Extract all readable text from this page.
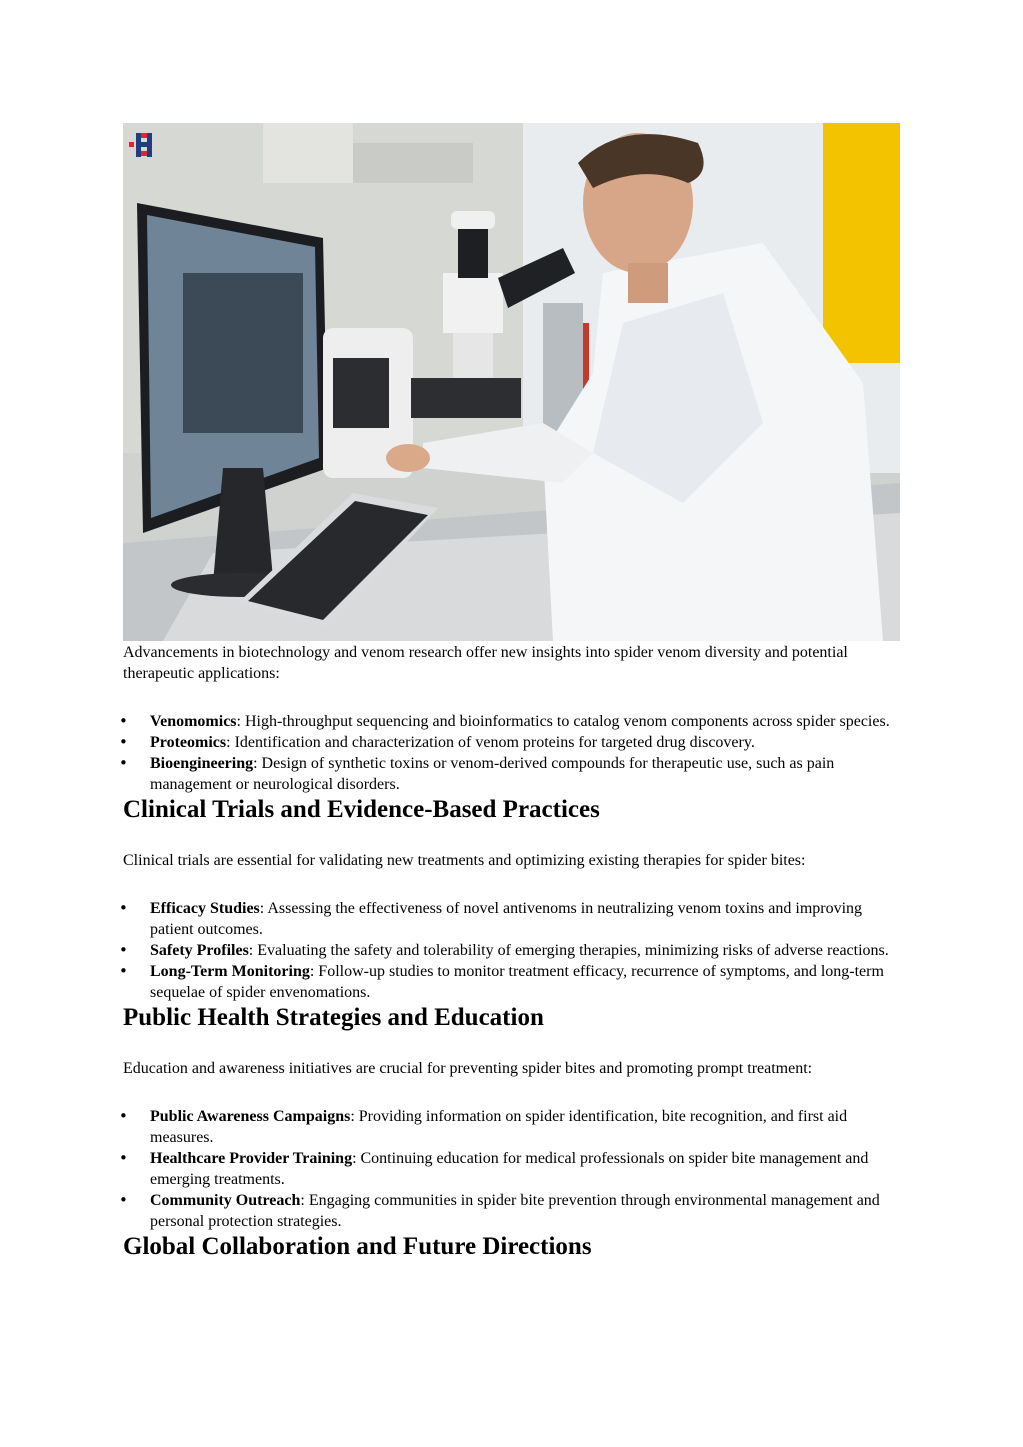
Advancements in biotechnology and venom research offer new insights into spider venom diversity and potential therapeutic applications:

• Venomomics: High-throughput sequencing and bioinformatics to catalog venom components across spider species.
• Proteomics: Identification and characterization of venom proteins for targeted drug discovery.
• Bioengineering: Design of synthetic toxins or venom-derived compounds for therapeutic use, such as pain management or neurological disorders.
Clinical Trials and Evidence-Based Practices

Clinical trials are essential for validating new treatments and optimizing existing therapies for spider bites:

• Efficacy Studies: Assessing the effectiveness of novel antivenoms in neutralizing venom toxins and improving patient outcomes.
• Safety Profiles: Evaluating the safety and tolerability of emerging therapies, minimizing risks of adverse reactions.
• Long-Term Monitoring: Follow-up studies to monitor treatment efficacy, recurrence of symptoms, and long-term sequelae of spider envenomations.
Public Health Strategies and Education

Education and awareness initiatives are crucial for preventing spider bites and promoting prompt treatment:

• Public Awareness Campaigns: Providing information on spider identification, bite recognition, and first aid measures.
• Healthcare Provider Training: Continuing education for medical professionals on spider bite management and emerging treatments.
• Community Outreach: Engaging communities in spider bite prevention through environmental management and personal protection strategies.
Global Collaboration and Future Directions
